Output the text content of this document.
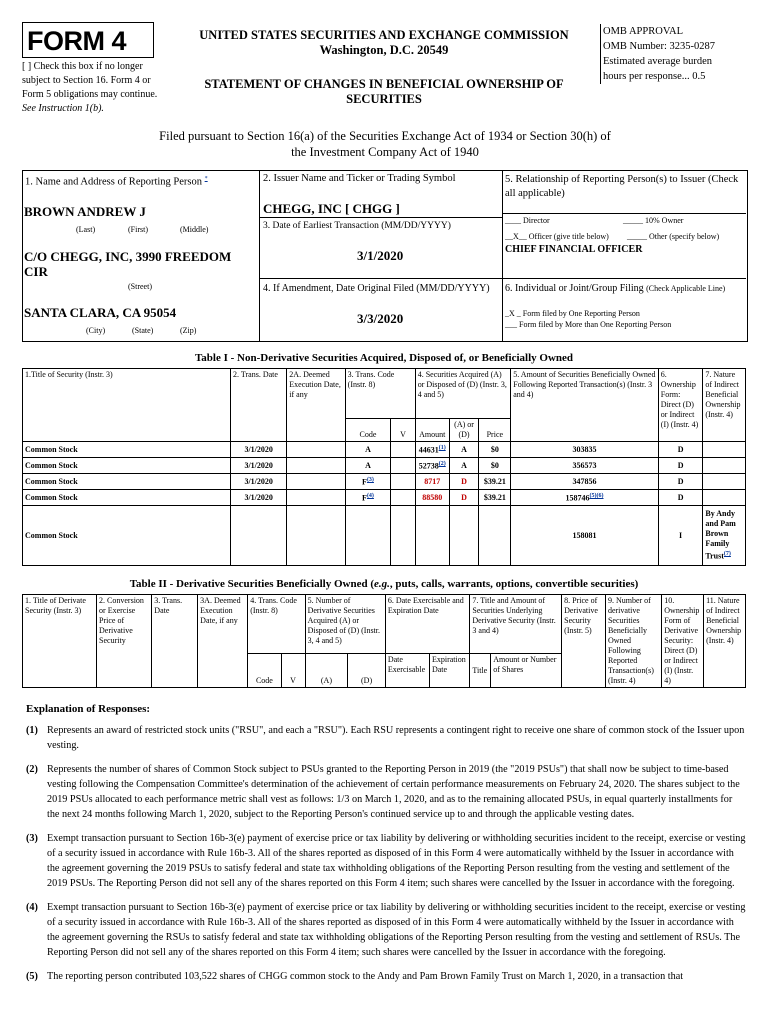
FORM 4
[ ] Check this box if no longer subject to Section 16. Form 4 or Form 5 obligations may continue. See Instruction 1(b).
UNITED STATES SECURITIES AND EXCHANGE COMMISSION
Washington, D.C. 20549
STATEMENT OF CHANGES IN BENEFICIAL OWNERSHIP OF SECURITIES
OMB APPROVAL
OMB Number: 3235-0287
Estimated average burden
hours per response... 0.5
Filed pursuant to Section 16(a) of the Securities Exchange Act of 1934 or Section 30(h) of the Investment Company Act of 1940
1. Name and Address of Reporting Person *
BROWN ANDREW J
(Last)	(First)	(Middle)
C/O CHEGG, INC, 3990 FREEDOM CIR
(Street)
SANTA CLARA, CA 95054
(City)	(State)	(Zip)
2. Issuer Name and Ticker or Trading Symbol
CHEGG, INC [ CHGG ]
3. Date of Earliest Transaction (MM/DD/YYYY)
3/1/2020
4. If Amendment, Date Original Filed (MM/DD/YYYY)
3/3/2020
5. Relationship of Reporting Person(s) to Issuer (Check all applicable)
____ Director	_____ 10% Owner
__X__ Officer (give title below) _____ Other (specify below)
CHIEF FINANCIAL OFFICER
6. Individual or Joint/Group Filing (Check Applicable Line)
_X _ Form filed by One Reporting Person
___ Form filed by More than One Reporting Person
Table I - Non-Derivative Securities Acquired, Disposed of, or Beneficially Owned
1.Title of Security (Instr. 3)	2. Trans. Date	2A. Deemed Execution Date, if any	3. Trans. Code (Instr. 8)		4. Securities Acquired (A) or Disposed of (D) (Instr. 3, 4 and 5)			5. Amount of Securities Beneficially Owned Following Reported Transaction(s) (Instr. 3 and 4)	6. Ownership Form: Direct (D) or Indirect (I) (Instr. 4)	7. Nature of Indirect Beneficial Ownership (Instr. 4)
			Code	V	Amount	(A) or (D)	Price			
Common Stock	3/1/2020		A		44631$^{(1)}$	A	$0	303835	D	
Common Stock	3/1/2020		A		52738$^{(2)}$	A	$0	356573	D	
Common Stock	3/1/2020		$F^{(3)}$		8717	D	$39.21	347856	D	
Common Stock	3/1/2020		$F^{(4)}$		88580	D	$39.21	$158746^{(5)(6)}$	D	
Common Stock								158081	I	By Andy and Pam Brown Family Trust$^{(7)}$
Table II - Derivative Securities Beneficially Owned (e.g., puts, calls, warrants, options, convertible securities)
1. Title of Derivate Security (Instr. 3)	2. Conversion or Exercise Price of Derivative Security	3. Trans. Date	3A. Deemed Execution Date, if any	4. Trans. Code (Instr. 8)		5. Number of Derivative Securities Acquired (A) or Disposed of (D) (Instr. 3, 4 and 5)		6. Date Exercisable and Expiration Date		7. Title and Amount of Securities Underlying Derivative Security (Instr. 3 and 4)		8. Price of Derivative Security (Instr. 5)	9. Number of derivative Securities Beneficially Owned Following Reported Transaction(s) (Instr. 4)	10. Ownership Form of Derivative Security: Direct (D) or Indirect (I) (Instr. 4)	11. Nature of Indirect Beneficial Ownership (Instr. 4)
				Code	V	(A)	(D)	Date Exercisable	Expiration Date	Title	Amount or Number of Shares				
Explanation of Responses:
(1) Represents an award of restricted stock units ("RSU", and each a "RSU"). Each RSU represents a contingent right to receive one share of common stock of the Issuer upon vesting.
(2) Represents the number of shares of Common Stock subject to PSUs granted to the Reporting Person in 2019 (the "2019 PSUs") that shall now be subject to time-based vesting following the Compensation Committee's determination of the achievement of certain performance measurements on February 24, 2020. The shares subject to the 2019 PSUs allocated to each performance metric shall vest as follows: 1/3 on March 1, 2020, and as to the remaining allocated PSUs, in equal quarterly installments for the next 24 months following March 1, 2020, subject to the Reporting Person's continued service up to and through the applicable vesting dates.
(3) Exempt transaction pursuant to Section 16b-3(e) payment of exercise price or tax liability by delivering or withholding securities incident to the receipt, exercise or vesting of a security issued in accordance with Rule 16b-3. All of the shares reported as disposed of in this Form 4 were automatically withheld by the Issuer in accordance with the agreement governing the 2019 PSUs to satisfy federal and state tax withholding obligations of the Reporting Person resulting from the vesting and settlement of the 2019 PSUs. The Reporting Person did not sell any of the shares reported on this Form 4 item; such shares were cancelled by the Issuer in accordance with the foregoing.
(4) Exempt transaction pursuant to Section 16b-3(e) payment of exercise price or tax liability by delivering or withholding securities incident to the receipt, exercise or vesting of a security issued in accordance with Rule 16b-3. All of the shares reported as disposed of in this Form 4 were automatically withheld by the Issuer in accordance with the agreement governing the RSUs to satisfy federal and state tax withholding obligations of the Reporting Person resulting from the vesting and settlement of RSUs. The Reporting Person did not sell any of the shares reported on this Form 4 item; such shares were cancelled by the Issuer in accordance with the foregoing.
(5) The reporting person contributed 103,522 shares of CHGG common stock to the Andy and Pam Brown Family Trust on March 1, 2020, in a transaction that
